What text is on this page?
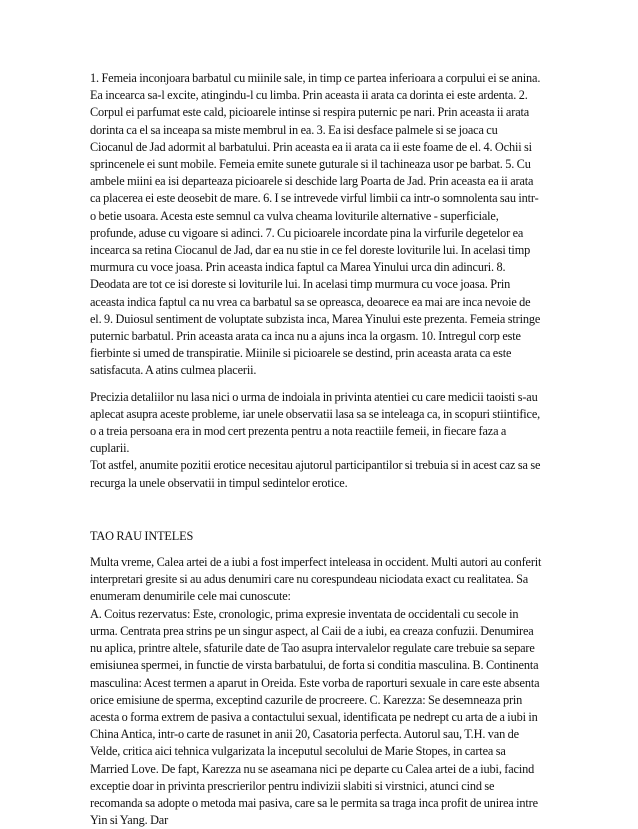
1. Femeia inconjoara barbatul cu miinile sale, in timp ce partea inferioara a corpului ei se anina. Ea incearca sa-l excite, atingindu-l cu limba. Prin aceasta ii arata ca dorinta ei este ardenta. 2. Corpul ei parfumat este cald, picioarele intinse si respira puternic pe nari. Prin aceasta ii arata dorinta ca el sa inceapa sa miste membrul in ea. 3. Ea isi desface palmele si se joaca cu Ciocanul de Jad adormit al barbatului. Prin aceasta ea ii arata ca ii este foame de el. 4. Ochii si sprincenele ei sunt mobile. Femeia emite sunete guturale si il tachineaza usor pe barbat. 5. Cu ambele miini ea isi departeaza picioarele si deschide larg Poarta de Jad. Prin aceasta ea ii arata ca placerea ei este deosebit de mare. 6. I se intrevede virful limbii ca intr-o somnolenta sau intr-o betie usoara. Acesta este semnul ca vulva cheama loviturile alternative - superficiale, profunde, aduse cu vigoare si adinci. 7. Cu picioarele incordate pina la virfurile degetelor ea incearca sa retina Ciocanul de Jad, dar ea nu stie in ce fel doreste loviturile lui. In acelasi timp murmura cu voce joasa. Prin aceasta indica faptul ca Marea Yinului urca din adincuri. 8. Deodata are tot ce isi doreste si loviturile lui. In acelasi timp murmura cu voce joasa. Prin aceasta indica faptul ca nu vrea ca barbatul sa se opreasca, deoarece ea mai are inca nevoie de el. 9. Duiosul sentiment de voluptate subzista inca, Marea Yinului este prezenta. Femeia stringe puternic barbatul. Prin aceasta arata ca inca nu a ajuns inca la orgasm. 10. Intregul corp este fierbinte si umed de transpiratie. Miinile si picioarele se destind, prin aceasta arata ca este satisfacuta. A atins culmea placerii.

Precizia detaliilor nu lasa nici o urma de indoiala in privinta atentiei cu care medicii taoisti s-au aplecat asupra aceste probleme, iar unele observatii lasa sa se inteleaga ca, in scopuri stiintifice, o a treia persoana era in mod cert prezenta pentru a nota reactiile femeii, in fiecare faza a cuplarii.

Tot astfel, anumite pozitii erotice necesitau ajutorul participantilor si trebuia si in acest caz sa se recurga la unele observatii in timpul sedintelor erotice.

TAO RAU INTELES

Multa vreme, Calea artei de a iubi a fost imperfect inteleasa in occident. Multi autori au conferit interpretari gresite si au adus denumiri care nu corespundeau niciodata exact cu realitatea. Sa enumeram denumirile cele mai cunoscute:

A. Coitus rezervatus: Este, cronologic, prima expresie inventata de occidentali cu secole in urma. Centrata prea strins pe un singur aspect, al Caii de a iubi, ea creaza confuzii. Denumirea nu aplica, printre altele, sfaturile date de Tao asupra intervalelor regulate care trebuie sa separe emisiunea spermei, in functie de virsta barbatului, de forta si conditia masculina. B. Continenta masculina: Acest termen a aparut in Oreida. Este vorba de raporturi sexuale in care este absenta orice emisiune de sperma, exceptind cazurile de procreere. C. Karezza: Se desemneaza prin acesta o forma extrem de pasiva a contactului sexual, identificata pe nedrept cu arta de a iubi in China Antica, intr-o carte de rasunet in anii 20, Casatoria perfecta. Autorul sau, T.H. van de Velde, critica aici tehnica vulgarizata la inceputul secolului de Marie Stopes, in cartea sa Married Love. De fapt, Karezza nu se aseamana nici pe departe cu Calea artei de a iubi, facind exceptie doar in privinta prescrierilor pentru indivizii slabiti si virstnici, atunci cind se recomanda sa adopte o metoda mai pasiva, care sa le permita sa traga inca profit de unirea intre Yin si Yang. Dar
